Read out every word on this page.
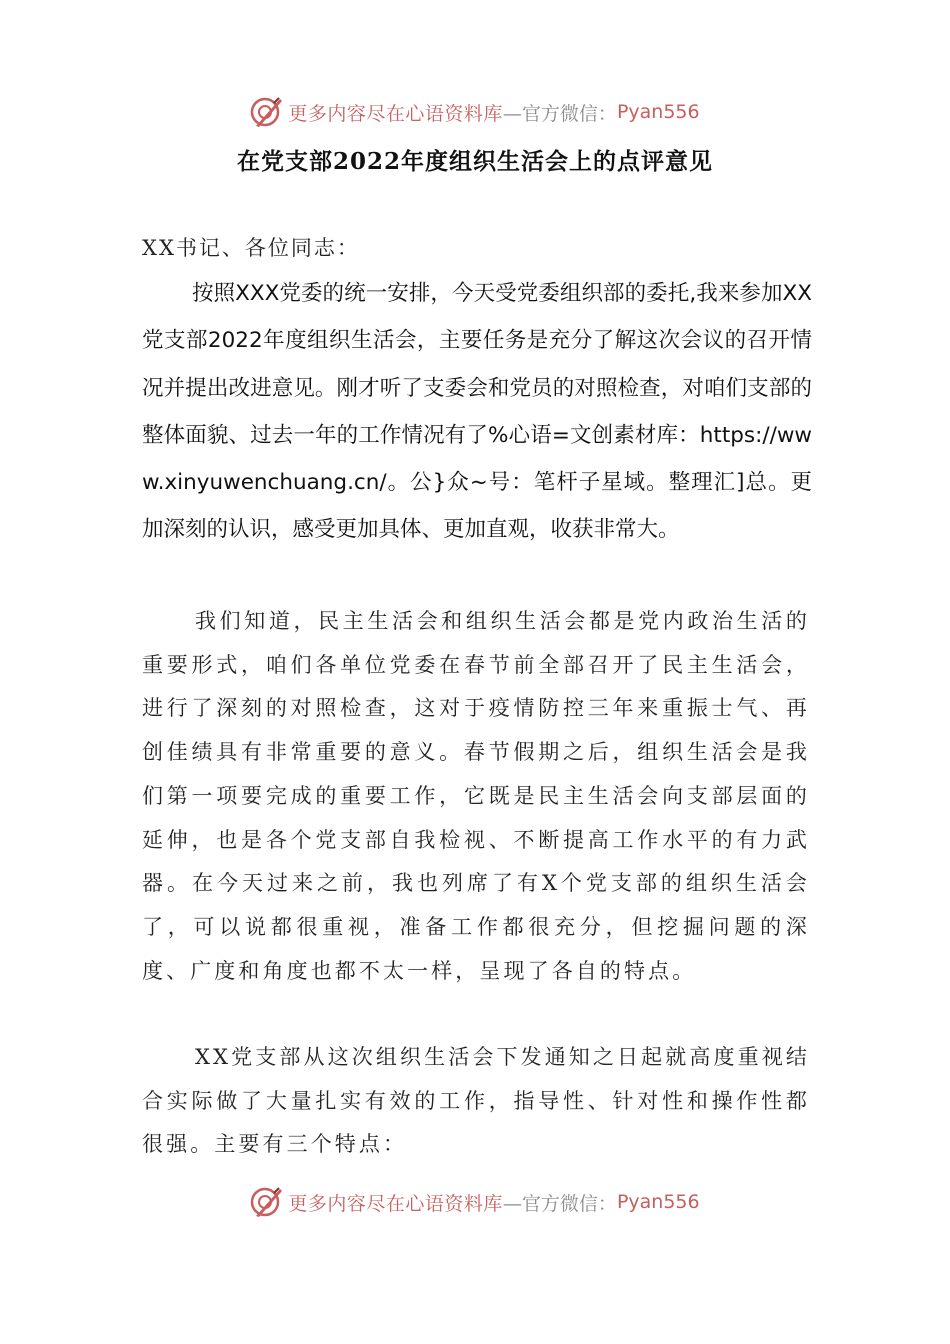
更多内容尽在心语资料库 —官方微信： Pyan556
在党支部2022年度组织生活会上的点评意见
XX书记、各位同志：
按照XXX党委的统一安排，今天受党委组织部的委托,我来参加XX党支部2022年度组织生活会，主要任务是充分了解这次会议的召开情况并提出改进意见。刚才听了支委会和党员的对照检查，对咱们支部的整体面貌、过去一年的工作情况有了%心语=文创素材库：https://www.xinyuwenchuang.cn/。公}众~号：笔杆子星域。整理汇]总。更加深刻的认识，感受更加具体、更加直观，收获非常大。
我们知道，民主生活会和组织生活会都是党内政治生活的重要形式，咱们各单位党委在春节前全部召开了民主生活会，进行了深刻的对照检查，这对于疫情防控三年来重振士气、再创佳绩具有非常重要的意义。春节假期之后，组织生活会是我们第一项要完成的重要工作，它既是民主生活会向支部层面的延伸，也是各个党支部自我检视、不断提高工作水平的有力武器。在今天过来之前，我也列席了有X个党支部的组织生活会了，可以说都很重视，准备工作都很充分，但挖掘问题的深度、广度和角度也都不太一样，呈现了各自的特点。
XX党支部从这次组织生活会下发通知之日起就高度重视结合实际做了大量扎实有效的工作，指导性、针对性和操作性都很强。主要有三个特点：
更多内容尽在心语资料库 —官方微信： Pyan556
